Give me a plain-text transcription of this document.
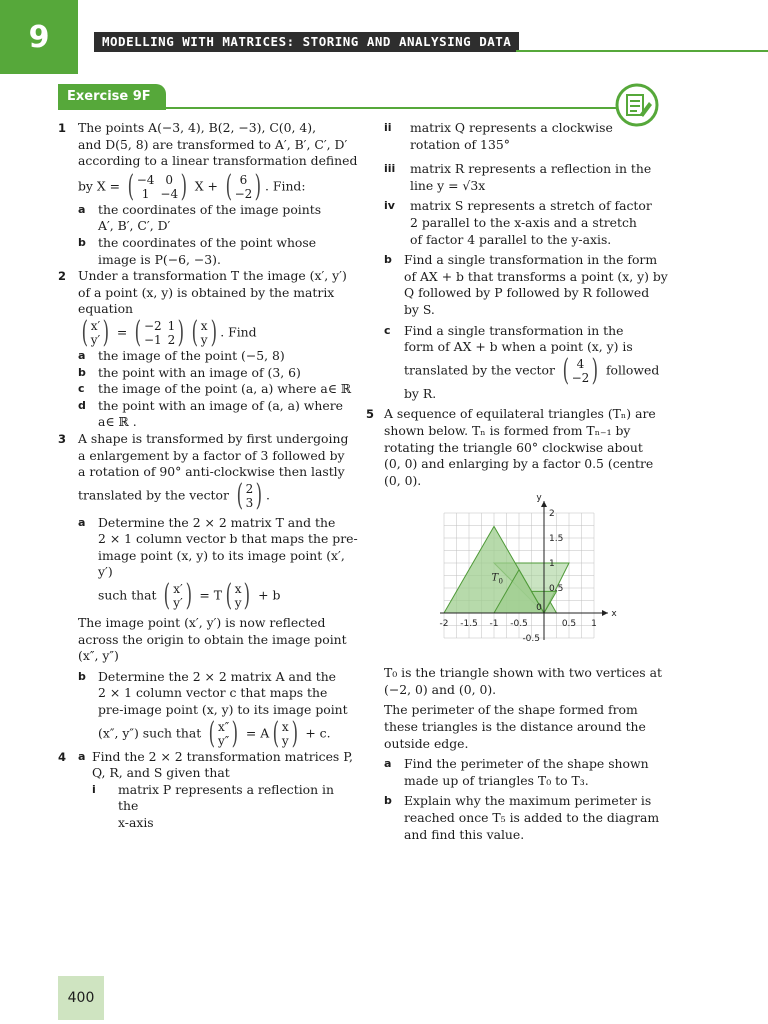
9	MODELLING WITH MATRICES: STORING AND ANALYSING DATA
Exercise 9F
1 The points A(−3, 4), B(2, −3), C(0, 4),

and D(5, 8) are transformed to A′, B′, C′, D′

according to a linear transformation defined

by X = ( −4 0
1 −4 ) X + ( 6
−2 ) . Find:

a the coordinates of the image points

A′, B′, C′, D′

b the coordinates of the point whose

image is P(−6, −3).

2 Under a transformation T the image (x′, y′)

of a point (x, y) is obtained by the matrix

equation

( x′
y′ ) = ( −2 1
−1 2 ) ( x
y ) . Find

a the image of the point (−5, 8)

b the point with an image of (3, 6)

c the image of the point (a, a) where a∈ ℝ

d the point with an image of (a, a) where

a∈ ℝ .

3 A shape is transformed by first undergoing

a enlargement by a factor of 3 followed by

a rotation of 90° anti-clockwise then lastly

translated by the vector ( 2
3 ) .

a Determine the 2 × 2 matrix T and the

2 × 1 column vector b that maps the pre-

image point (x, y) to its image point (x′, y′)

such that ( x′
y′ ) = T ( x
y ) + b

The image point (x′, y′) is now reflected

across the origin to obtain the image point

(x″, y″)

b Determine the 2 × 2 matrix A and the

2 × 1 column vector c that maps the

pre-image point (x, y) to its image point

(x″, y″) such that ( x″
y″ ) = A ( x
y ) + c.

4 a Find the 2 × 2 transformation matrices P,

Q, R, and S given that

i matrix P represents a reflection in the

x-axis

ii matrix Q represents a clockwise

rotation of 135°

iii matrix R represents a reflection in the

line y = √3x

iv matrix S represents a stretch of factor

2 parallel to the x-axis and a stretch

of factor 4 parallel to the y-axis.

b Find a single transformation in the form

of AX + b that transforms a point (x, y) by

Q followed by P followed by R followed

by S.

c Find a single transformation in the

form of AX + b when a point (x, y) is

translated by the vector ( 4
−2 ) followed

by R.

5 A sequence of equilateral triangles (Tₙ) are

shown below. Tₙ is formed from Tₙ₋₁ by

rotating the triangle 60° clockwise about

(0, 0) and enlarging by a factor 0.5 (centre

(0, 0).

x
y
-2 -1.5 -1 -0.5
0
0.5 1
2
1.5
1
0.5
-0.5
T 0

T₀ is the triangle shown with two vertices at

(−2, 0) and (0, 0).

The perimeter of the shape formed from

these triangles is the distance around the

outside edge.

a Find the perimeter of the shape shown

made up of triangles T₀ to T₃.

b Explain why the maximum perimeter is

reached once T₅ is added to the diagram

and find this value.

400
